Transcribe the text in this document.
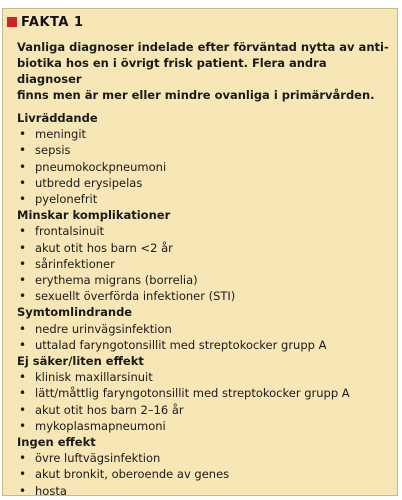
FAKTA 1
Vanliga diagnoser indelade efter förväntad nytta av anti-
biotika hos en i övrigt frisk patient. Flera andra diagnoser
finns men är mer eller mindre ovanliga i primärvården.
Livräddande
• meningit
• sepsis
• pneumokockpneumoni
• utbredd erysipelas
• pyelonefrit
Minskar komplikationer
• frontalsinuit
• akut otit hos barn <2 år
• sårinfektioner
• erythema migrans (borrelia)
• sexuellt överförda infektioner (STI)
Symtomlindrande
• nedre urinvägsinfektion
• uttalad faryngotonsillit med streptokocker grupp A
Ej säker/liten effekt
• klinisk maxillarsinuit
• lätt/måttlig faryngotonsillit med streptokocker grupp A
• akut otit hos barn 2–16 år
• mykoplasmapneumoni
Ingen effekt
• övre luftvägsinfektion
• akut bronkit, oberoende av genes
• hosta
